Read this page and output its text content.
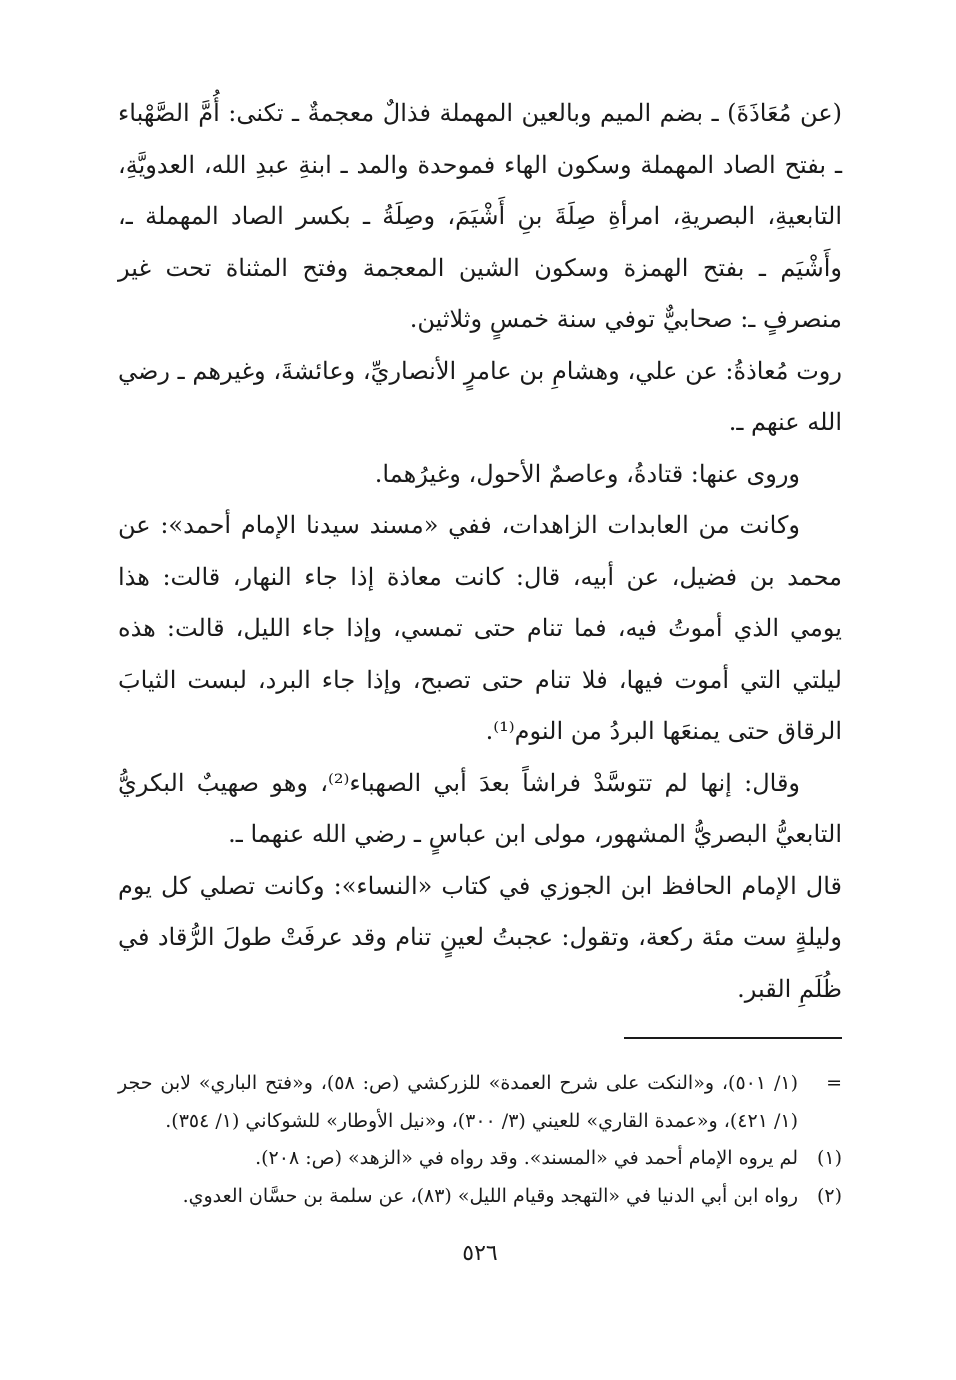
(عن مُعَاذَةَ) ـ بضم الميم وبالعين المهملة فذالٌ معجمةٌ ـ تكنى: أُمَّ الصَّهْباء ـ بفتح الصاد المهملة وسكون الهاء فموحدة والمد ـ ابنةِ عبدِ الله، العدويَّةِ، التابعيةِ، البصريةِ، امرأةِ صِلَةَ بنِ أَشْيَمَ، وصِلَةُ ـ بكسر الصاد المهملة ـ، وأَشْيَم ـ بفتح الهمزة وسكون الشين المعجمة وفتح المثناة تحت غير منصرفٍ ـ: صحابيٌّ توفي سنة خمسٍ وثلاثين.

روت مُعاذةُ: عن علي، وهشامِ بن عامرٍ الأنصاريِّ، وعائشةَ، وغيرهم ـ رضي الله عنهم ـ.

وروى عنها: قتادةُ، وعاصمٌ الأحول، وغيرُهما.

وكانت من العابدات الزاهدات، ففي «مسند سيدنا الإمام أحمد»: عن محمد بن فضيل، عن أبيه، قال: كانت معاذة إذا جاء النهار، قالت: هذا يومي الذي أموتُ فيه، فما تنام حتى تمسي، وإذا جاء الليل، قالت: هذه ليلتي التي أموت فيها، فلا تنام حتى تصبح، وإذا جاء البرد، لبست الثيابَ الرقاق حتى يمنعَها البردُ من النوم⁽¹⁾.

وقال: إنها لم تتوسَّدْ فراشاً بعدَ أبي الصهباء⁽²⁾، وهو صهيبٌ البكريُّ التابعيُّ البصريُّ المشهور، مولى ابن عباسٍ ـ رضي الله عنهما ـ.

قال الإمام الحافظ ابن الجوزي في كتاب «النساء»: وكانت تصلي كل يوم وليلةٍ ست مئة ركعة، وتقول: عجبتُ لعينٍ تنام وقد عرفَتْ طولَ الرُّقاد في ظُلَمِ القبر.

=
(١/ ٥٠١)، و«النكت على شرح العمدة» للزركشي (ص: ٥٨)، و«فتح الباري» لابن حجر (١/ ٤٢١)، و«عمدة القاري» للعيني (٣/ ٣٠٠)، و«نيل الأوطار» للشوكاني (١/ ٣٥٤).
(١)
لم يروه الإمام أحمد في «المسند». وقد رواه في «الزهد» (ص: ٢٠٨).
(٢)
رواه ابن أبي الدنيا في «التهجد وقيام الليل» (٨٣)، عن سلمة بن حسَّان العدوي.
٥٢٦
